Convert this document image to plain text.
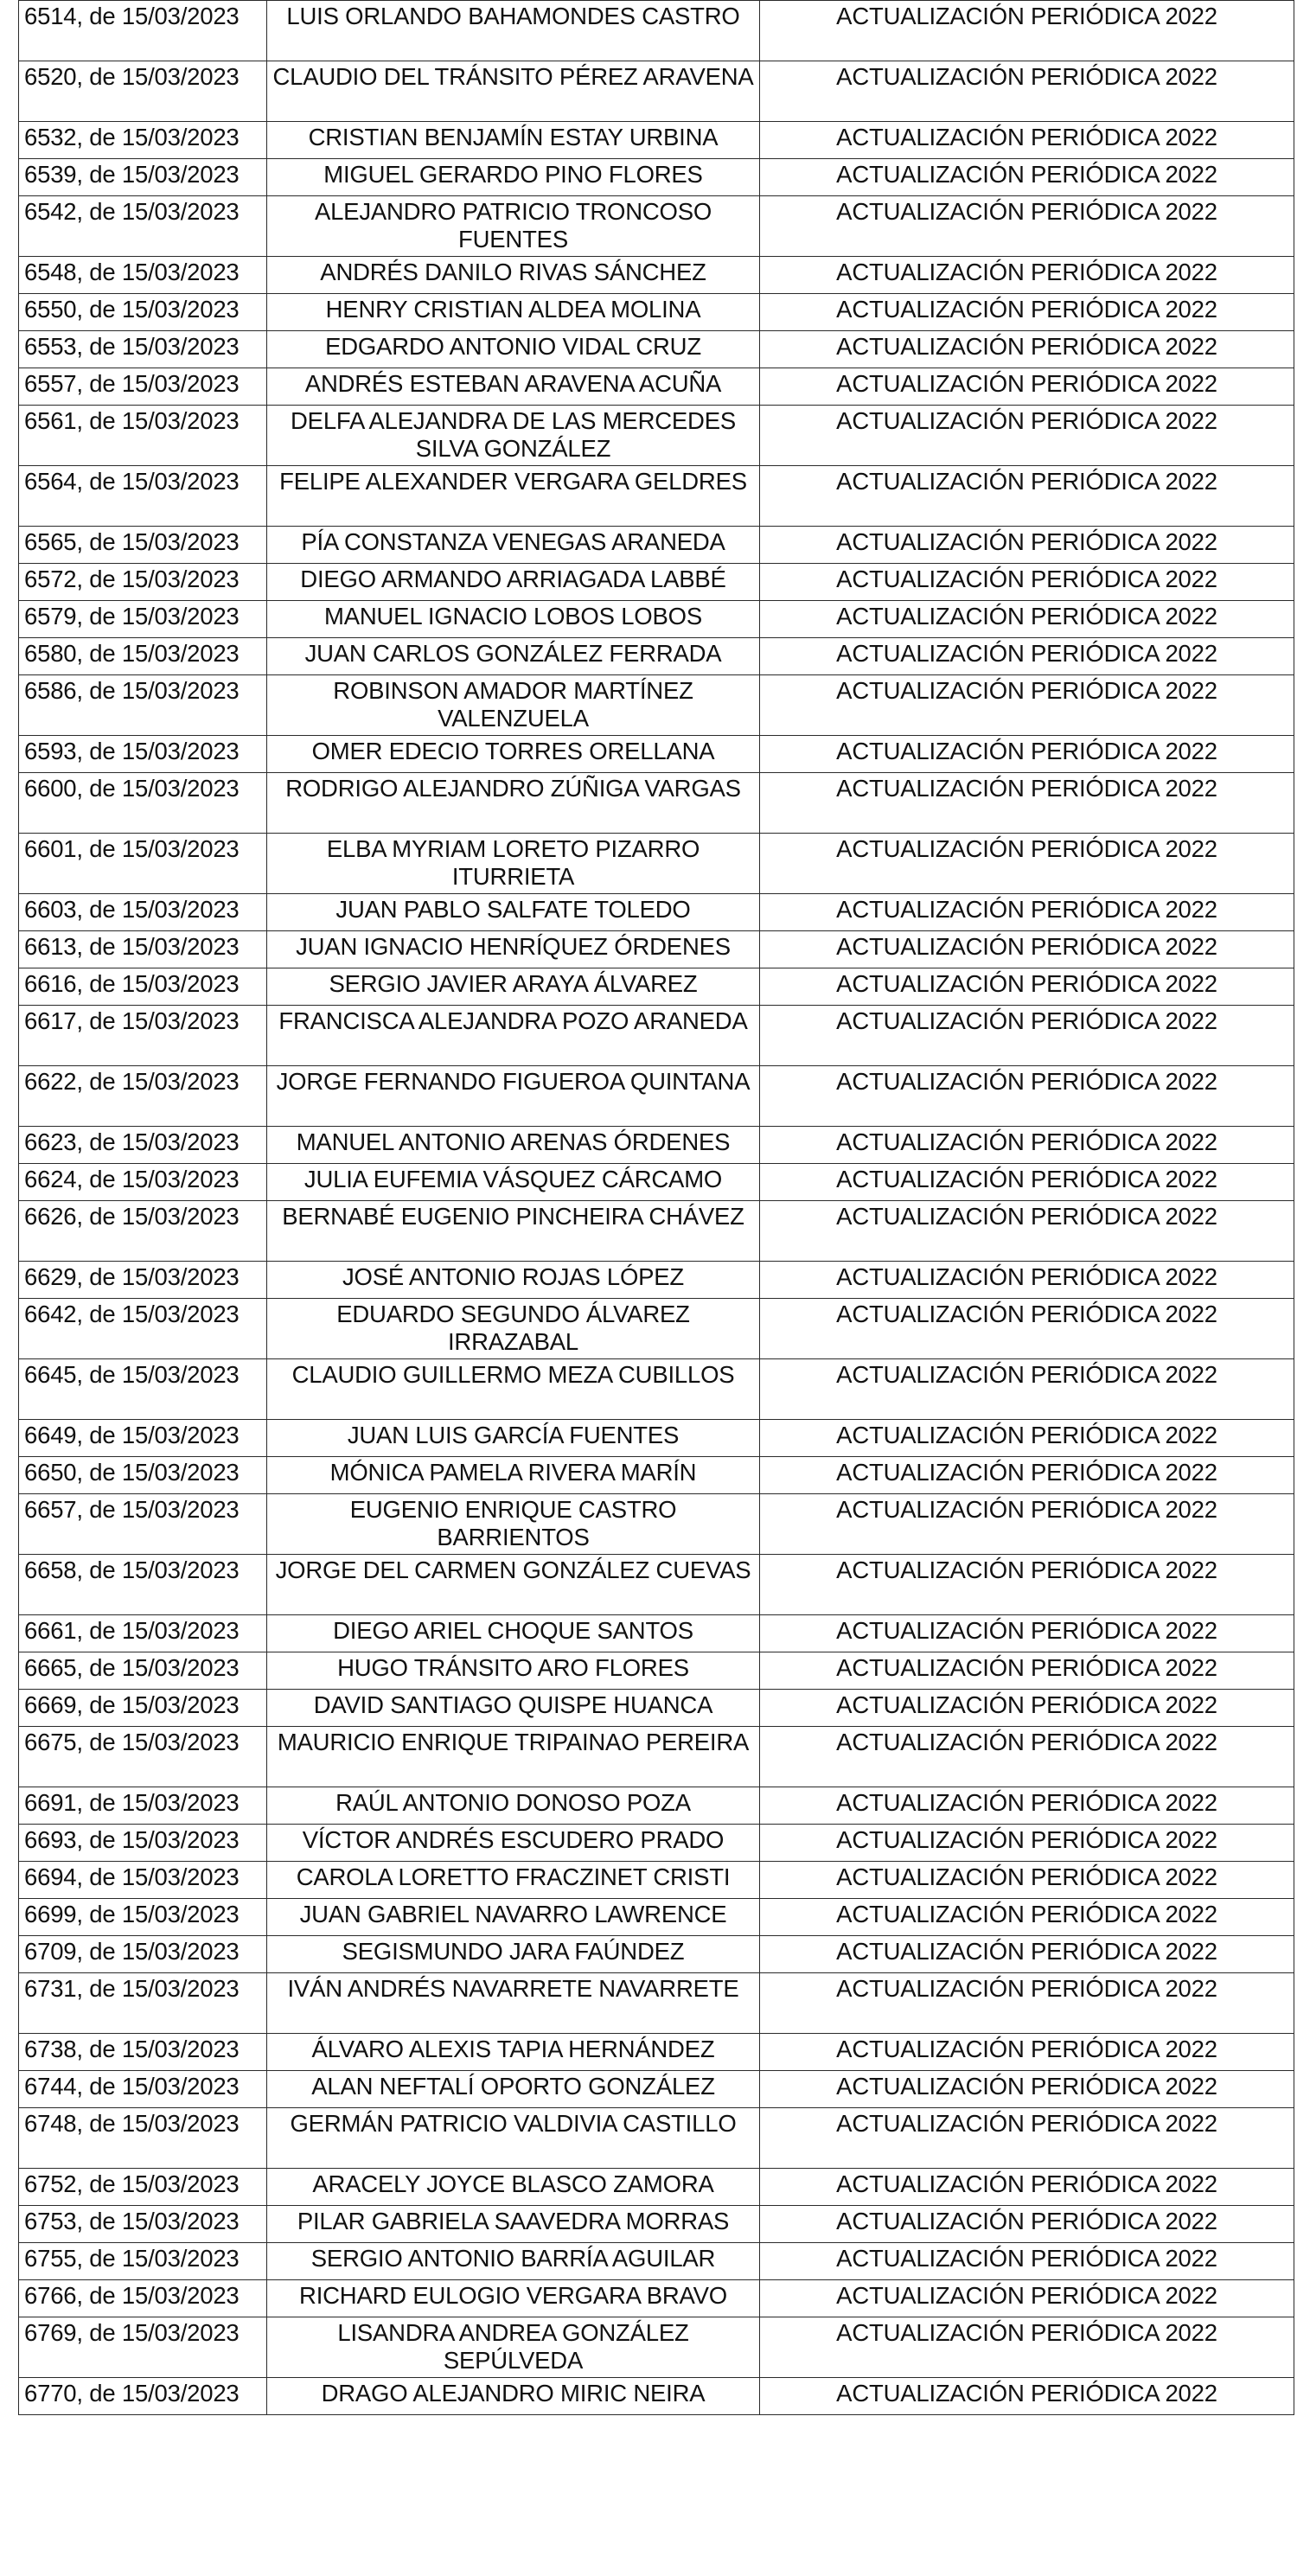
6514, de 15/03/2023	LUIS ORLANDO BAHAMONDES CASTRO	ACTUALIZACIÓN PERIÓDICA 2022
6520, de 15/03/2023	CLAUDIO DEL TRÁNSITO PÉREZ ARAVENA	ACTUALIZACIÓN PERIÓDICA 2022
6532, de 15/03/2023	CRISTIAN BENJAMÍN ESTAY URBINA	ACTUALIZACIÓN PERIÓDICA 2022
6539, de 15/03/2023	MIGUEL GERARDO PINO FLORES	ACTUALIZACIÓN PERIÓDICA 2022
6542, de 15/03/2023	ALEJANDRO PATRICIO TRONCOSO FUENTES	ACTUALIZACIÓN PERIÓDICA 2022
6548, de 15/03/2023	ANDRÉS DANILO RIVAS SÁNCHEZ	ACTUALIZACIÓN PERIÓDICA 2022
6550, de 15/03/2023	HENRY CRISTIAN ALDEA MOLINA	ACTUALIZACIÓN PERIÓDICA 2022
6553, de 15/03/2023	EDGARDO ANTONIO VIDAL CRUZ	ACTUALIZACIÓN PERIÓDICA 2022
6557, de 15/03/2023	ANDRÉS ESTEBAN ARAVENA ACUÑA	ACTUALIZACIÓN PERIÓDICA 2022
6561, de 15/03/2023	DELFA ALEJANDRA DE LAS MERCEDES SILVA GONZÁLEZ	ACTUALIZACIÓN PERIÓDICA 2022
6564, de 15/03/2023	FELIPE ALEXANDER VERGARA GELDRES	ACTUALIZACIÓN PERIÓDICA 2022
6565, de 15/03/2023	PÍA CONSTANZA VENEGAS ARANEDA	ACTUALIZACIÓN PERIÓDICA 2022
6572, de 15/03/2023	DIEGO ARMANDO ARRIAGADA LABBÉ	ACTUALIZACIÓN PERIÓDICA 2022
6579, de 15/03/2023	MANUEL IGNACIO LOBOS LOBOS	ACTUALIZACIÓN PERIÓDICA 2022
6580, de 15/03/2023	JUAN CARLOS GONZÁLEZ FERRADA	ACTUALIZACIÓN PERIÓDICA 2022
6586, de 15/03/2023	ROBINSON AMADOR MARTÍNEZ VALENZUELA	ACTUALIZACIÓN PERIÓDICA 2022
6593, de 15/03/2023	OMER EDECIO TORRES ORELLANA	ACTUALIZACIÓN PERIÓDICA 2022
6600, de 15/03/2023	RODRIGO ALEJANDRO ZÚÑIGA VARGAS	ACTUALIZACIÓN PERIÓDICA 2022
6601, de 15/03/2023	ELBA MYRIAM LORETO PIZARRO ITURRIETA	ACTUALIZACIÓN PERIÓDICA 2022
6603, de 15/03/2023	JUAN PABLO SALFATE TOLEDO	ACTUALIZACIÓN PERIÓDICA 2022
6613, de 15/03/2023	JUAN IGNACIO HENRÍQUEZ ÓRDENES	ACTUALIZACIÓN PERIÓDICA 2022
6616, de 15/03/2023	SERGIO JAVIER ARAYA ÁLVAREZ	ACTUALIZACIÓN PERIÓDICA 2022
6617, de 15/03/2023	FRANCISCA ALEJANDRA POZO ARANEDA	ACTUALIZACIÓN PERIÓDICA 2022
6622, de 15/03/2023	JORGE FERNANDO FIGUEROA QUINTANA	ACTUALIZACIÓN PERIÓDICA 2022
6623, de 15/03/2023	MANUEL ANTONIO ARENAS ÓRDENES	ACTUALIZACIÓN PERIÓDICA 2022
6624, de 15/03/2023	JULIA EUFEMIA VÁSQUEZ CÁRCAMO	ACTUALIZACIÓN PERIÓDICA 2022
6626, de 15/03/2023	BERNABÉ EUGENIO PINCHEIRA CHÁVEZ	ACTUALIZACIÓN PERIÓDICA 2022
6629, de 15/03/2023	JOSÉ ANTONIO ROJAS LÓPEZ	ACTUALIZACIÓN PERIÓDICA 2022
6642, de 15/03/2023	EDUARDO SEGUNDO ÁLVAREZ IRRAZABAL	ACTUALIZACIÓN PERIÓDICA 2022
6645, de 15/03/2023	CLAUDIO GUILLERMO MEZA CUBILLOS	ACTUALIZACIÓN PERIÓDICA 2022
6649, de 15/03/2023	JUAN LUIS GARCÍA FUENTES	ACTUALIZACIÓN PERIÓDICA 2022
6650, de 15/03/2023	MÓNICA PAMELA RIVERA MARÍN	ACTUALIZACIÓN PERIÓDICA 2022
6657, de 15/03/2023	EUGENIO ENRIQUE CASTRO BARRIENTOS	ACTUALIZACIÓN PERIÓDICA 2022
6658, de 15/03/2023	JORGE DEL CARMEN GONZÁLEZ CUEVAS	ACTUALIZACIÓN PERIÓDICA 2022
6661, de 15/03/2023	DIEGO ARIEL CHOQUE SANTOS	ACTUALIZACIÓN PERIÓDICA 2022
6665, de 15/03/2023	HUGO TRÁNSITO ARO FLORES	ACTUALIZACIÓN PERIÓDICA 2022
6669, de 15/03/2023	DAVID SANTIAGO QUISPE HUANCA	ACTUALIZACIÓN PERIÓDICA 2022
6675, de 15/03/2023	MAURICIO ENRIQUE TRIPAINAO PEREIRA	ACTUALIZACIÓN PERIÓDICA 2022
6691, de 15/03/2023	RAÚL ANTONIO DONOSO POZA	ACTUALIZACIÓN PERIÓDICA 2022
6693, de 15/03/2023	VÍCTOR ANDRÉS ESCUDERO PRADO	ACTUALIZACIÓN PERIÓDICA 2022
6694, de 15/03/2023	CAROLA LORETTO FRACZINET CRISTI	ACTUALIZACIÓN PERIÓDICA 2022
6699, de 15/03/2023	JUAN GABRIEL NAVARRO LAWRENCE	ACTUALIZACIÓN PERIÓDICA 2022
6709, de 15/03/2023	SEGISMUNDO JARA FAÚNDEZ	ACTUALIZACIÓN PERIÓDICA 2022
6731, de 15/03/2023	IVÁN ANDRÉS NAVARRETE NAVARRETE	ACTUALIZACIÓN PERIÓDICA 2022
6738, de 15/03/2023	ÁLVARO ALEXIS TAPIA HERNÁNDEZ	ACTUALIZACIÓN PERIÓDICA 2022
6744, de 15/03/2023	ALAN NEFTALÍ OPORTO GONZÁLEZ	ACTUALIZACIÓN PERIÓDICA 2022
6748, de 15/03/2023	GERMÁN PATRICIO VALDIVIA CASTILLO	ACTUALIZACIÓN PERIÓDICA 2022
6752, de 15/03/2023	ARACELY JOYCE BLASCO ZAMORA	ACTUALIZACIÓN PERIÓDICA 2022
6753, de 15/03/2023	PILAR GABRIELA SAAVEDRA MORRAS	ACTUALIZACIÓN PERIÓDICA 2022
6755, de 15/03/2023	SERGIO ANTONIO BARRÍA AGUILAR	ACTUALIZACIÓN PERIÓDICA 2022
6766, de 15/03/2023	RICHARD EULOGIO VERGARA BRAVO	ACTUALIZACIÓN PERIÓDICA 2022
6769, de 15/03/2023	LISANDRA ANDREA GONZÁLEZ SEPÚLVEDA	ACTUALIZACIÓN PERIÓDICA 2022
6770, de 15/03/2023	DRAGO ALEJANDRO MIRIC NEIRA	ACTUALIZACIÓN PERIÓDICA 2022
